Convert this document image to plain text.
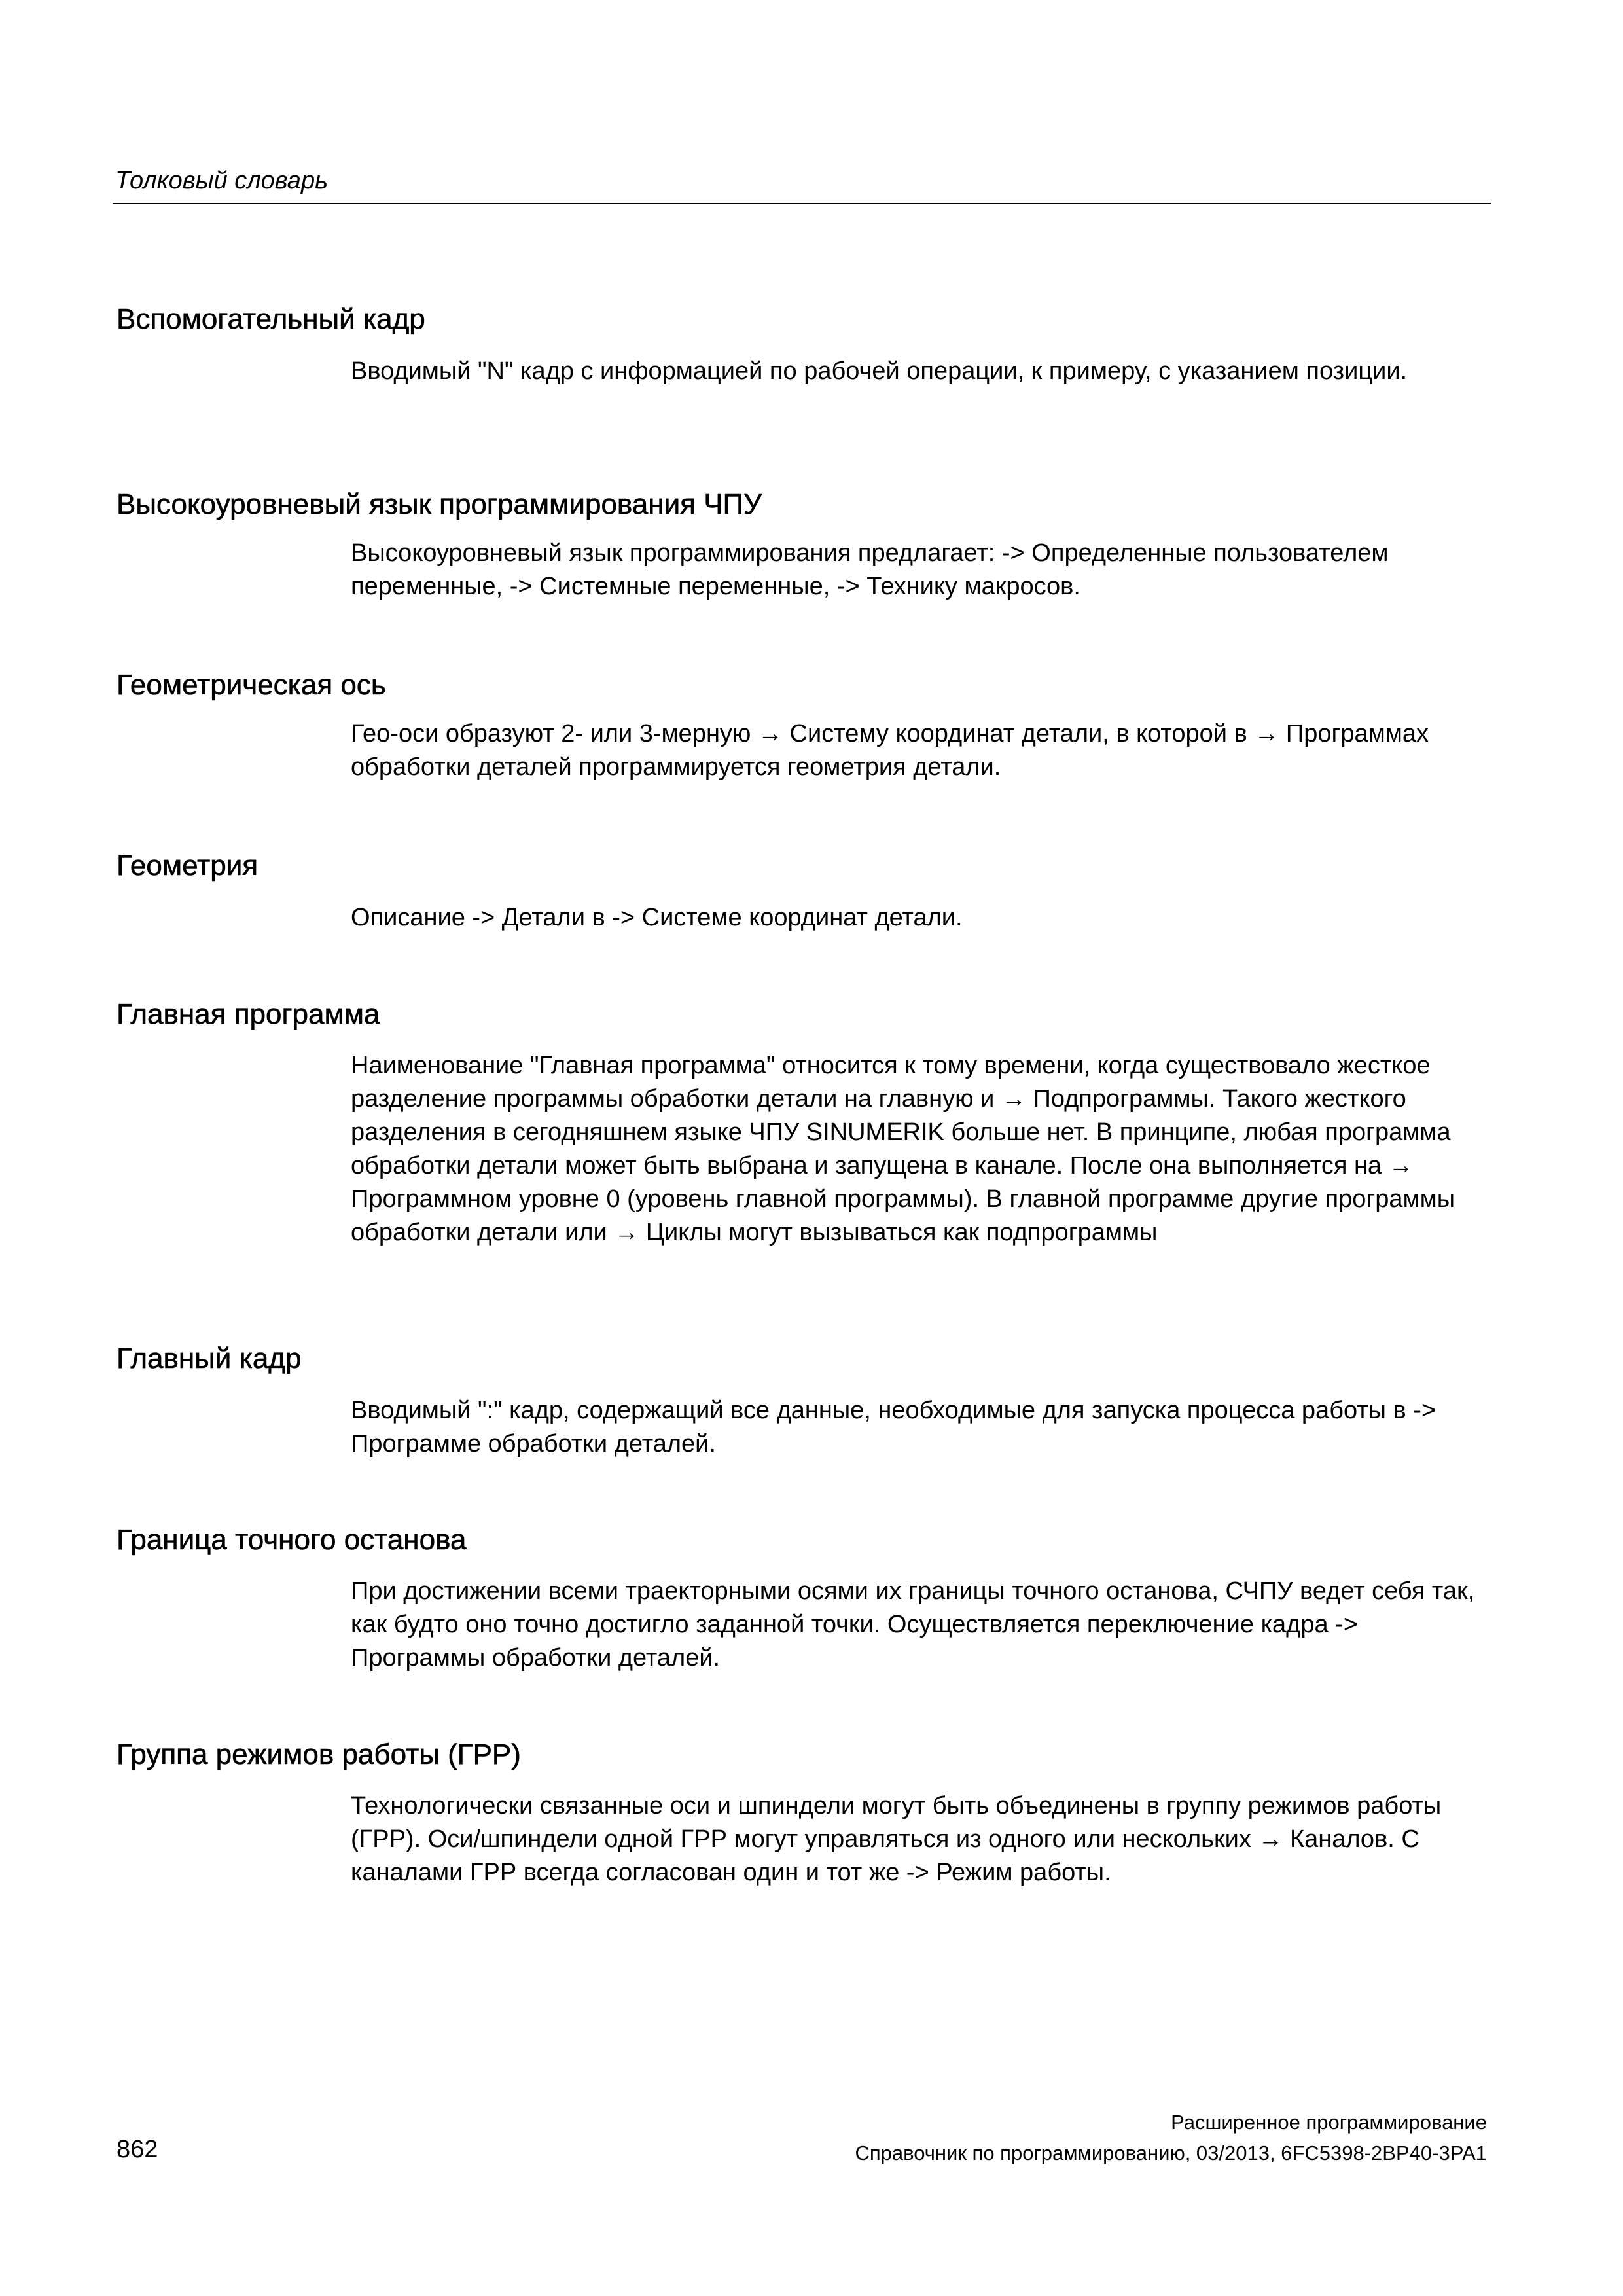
Толковый словарь
Вспомогательный кадр

Вводимый "N" кадр с информацией по рабочей операции, к примеру, с указанием позиции.

Высокоуровневый язык программирования ЧПУ

Высокоуровневый язык программирования предлагает: -> Определенные пользователем переменные, -> Системные переменные, -> Технику макросов.

Геометрическая ось

Гео-оси образуют 2- или 3-мерную → Систему координат детали, в которой в → Программах обработки деталей программируется геометрия детали.

Геометрия

Описание -> Детали в -> Системе координат детали.

Главная программа

Наименование "Главная программа" относится к тому времени, когда существовало жесткое разделение программы обработки детали на главную и → Подпрограммы. Такого жесткого разделения в сегодняшнем языке ЧПУ SINUMERIK больше нет. В принципе, любая программа обработки детали может быть выбрана и запущена в канале. После она выполняется на → Программном уровне 0 (уровень главной программы). В главной программе другие программы обработки детали или → Циклы могут вызываться как подпрограммы

Главный кадр

Вводимый ":" кадр, содержащий все данные, необходимые для запуска процесса работы в -> Программе обработки деталей.

Граница точного останова

При достижении всеми траекторными осями их границы точного останова, СЧПУ ведет себя так, как будто оно точно достигло заданной точки. Осуществляется переключение кадра -> Программы обработки деталей.

Группа режимов работы (ГРР)

Технологически связанные оси и шпиндели могут быть объединены в группу режимов работы (ГРР). Оси/шпиндели одной ГРР могут управляться из одного или нескольких → Каналов. С каналами ГРР всегда согласован один и тот же -> Режим работы.

Расширенное программирование
862	Справочник по программированию, 03/2013, 6FC5398-2BP40-3PA1
